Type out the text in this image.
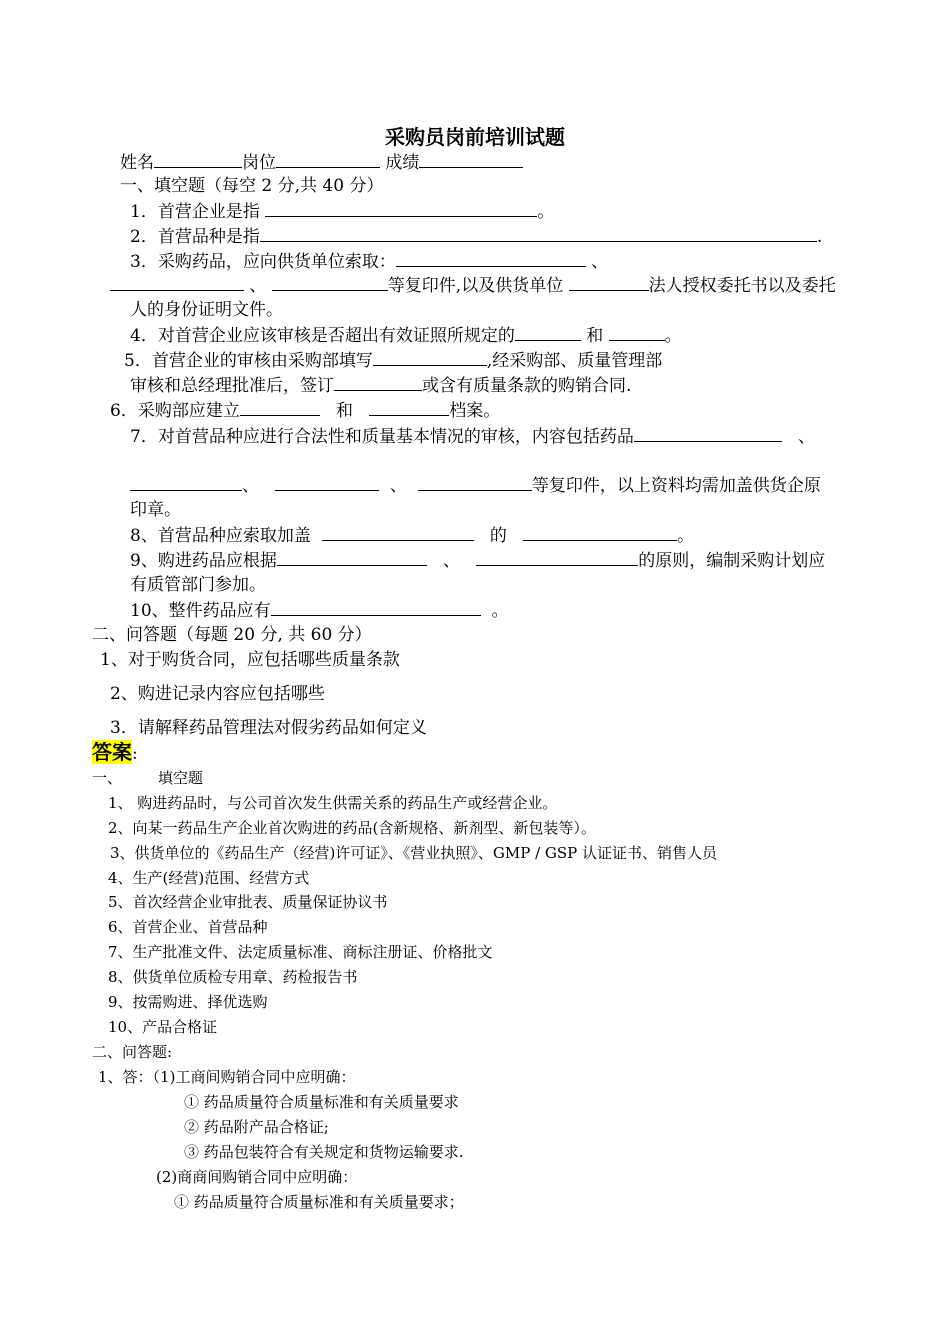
采购员岗前培训试题
姓名	岗位	成绩
一、填空题（每空 2 分,共 40 分）
1．首营企业是指	。
2．首营品种是指	.
3．采购药品，应向供货单位索取：	、
、	等复印件,以及供货单位	法人授权委托书以及委托
人的身份证明文件。
4．对首营企业应该审核是否超出有效证照所规定的	和	。
5．首营企业的审核由采购部填写	,经采购部、质量管理部
审核和总经理批准后，签订	或含有质量条款的购销合同.
6．采购部应建立	和	档案。
7．对首营品种应进行合法性和质量基本情况的审核，内容包括药品	、
、	、	等复印件，以上资料均需加盖供货企原
印章。
8、首营品种应索取加盖	的	。
9、购进药品应根据	、	的原则，编制采购计划应
有质管部门参加。
10、整件药品应有	。
二、问答题（每题 20 分, 共 60 分）
1、对于购货合同，应包括哪些质量条款
2、购进记录内容应包括哪些
3．请解释药品管理法对假劣药品如何定义
答案:
一、 填空题
1、 购进药品时，与公司首次发生供需关系的药品生产或经营企业。
2、向某一药品生产企业首次购进的药品(含新规格、新剂型、新包装等）。
3、供货单位的《药品生产（经营)许可证》、《营业执照》、GMP / GSP 认证证书、销售人员
4、生产(经营)范围、经营方式
5、首次经营企业审批表、质量保证协议书
6、首营企业、首营品种
7、生产批准文件、法定质量标准、商标注册证、价格批文
8、供货单位质检专用章、药检报告书
9、按需购进、择优选购
10、产品合格证
二、问答题:
1、答：（1)工商间购销合同中应明确：
① 药品质量符合质量标准和有关质量要求
② 药品附产品合格证;
③ 药品包装符合有关规定和货物运输要求.
(2)商商间购销合同中应明确：
① 药品质量符合质量标准和有关质量要求；
